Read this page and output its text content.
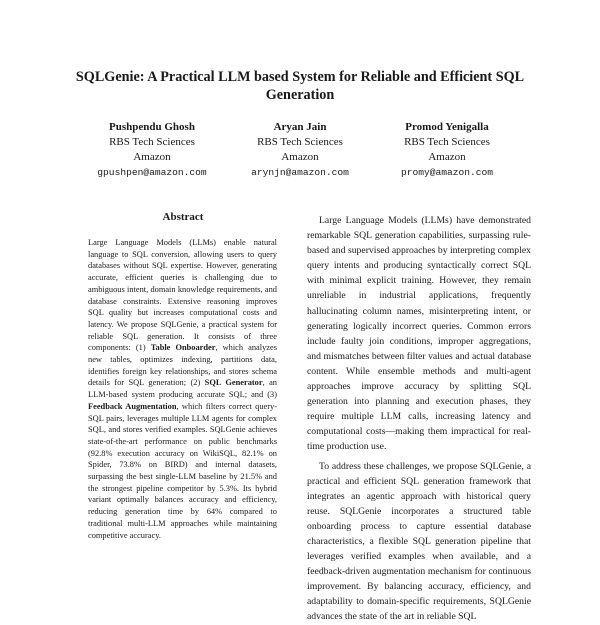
SQLGenie: A Practical LLM based System for Reliable and Efficient SQL
Generation
Pushpendu Ghosh
RBS Tech Sciences
Amazon
gpushpen@amazon.com
Aryan Jain
RBS Tech Sciences
Amazon
arynjn@amazon.com
Promod Yenigalla
RBS Tech Sciences
Amazon
promy@amazon.com
Abstract

Large Language Models (LLMs) enable natural language to SQL conversion, allowing users to query databases without SQL expertise. However, generating accurate, efficient queries is challenging due to ambiguous intent, domain knowledge requirements, and database constraints. Extensive reasoning improves SQL quality but increases computational costs and latency. We propose SQLGenie, a practical system for reliable SQL generation. It consists of three components: (1) Table Onboarder, which analyzes new tables, optimizes indexing, partitions data, identifies foreign key relationships, and stores schema details for SQL generation; (2) SQL Generator, an LLM-based system producing accurate SQL; and (3) Feedback Augmentation, which filters correct query-SQL pairs, leverages multiple LLM agents for complex SQL, and stores verified examples. SQLGenie achieves state-of-the-art performance on public benchmarks (92.8% execution accuracy on WikiSQL, 82.1% on Spider, 73.8% on BIRD) and internal datasets, surpassing the best single-LLM baseline by 21.5% and the strongest pipeline competitor by 5.3%. Its hybrid variant optimally balances accuracy and efficiency, reducing generation time by 64% compared to traditional multi-LLM approaches while maintaining competitive accuracy.

Large Language Models (LLMs) have demonstrated remarkable SQL generation capabilities, surpassing rule-based and supervised approaches by interpreting complex query intents and producing syntactically correct SQL with minimal explicit training. However, they remain unreliable in industrial applications, frequently hallucinating column names, misinterpreting intent, or generating logically incorrect queries. Common errors include faulty join conditions, improper aggregations, and mismatches between filter values and actual database content. While ensemble methods and multi-agent approaches improve accuracy by splitting SQL generation into planning and execution phases, they require multiple LLM calls, increasing latency and computational costs—making them impractical for real-time production use.

To address these challenges, we propose SQLGenie, a practical and efficient SQL generation framework that integrates an agentic approach with historical query reuse. SQLGenie incorporates a structured table onboarding process to capture essential database characteristics, a flexible SQL generation pipeline that leverages verified examples when available, and a feedback-driven augmentation mechanism for continuous improvement. By balancing accuracy, efficiency, and adaptability to domain-specific requirements, SQLGenie advances the state of the art in reliable SQL
